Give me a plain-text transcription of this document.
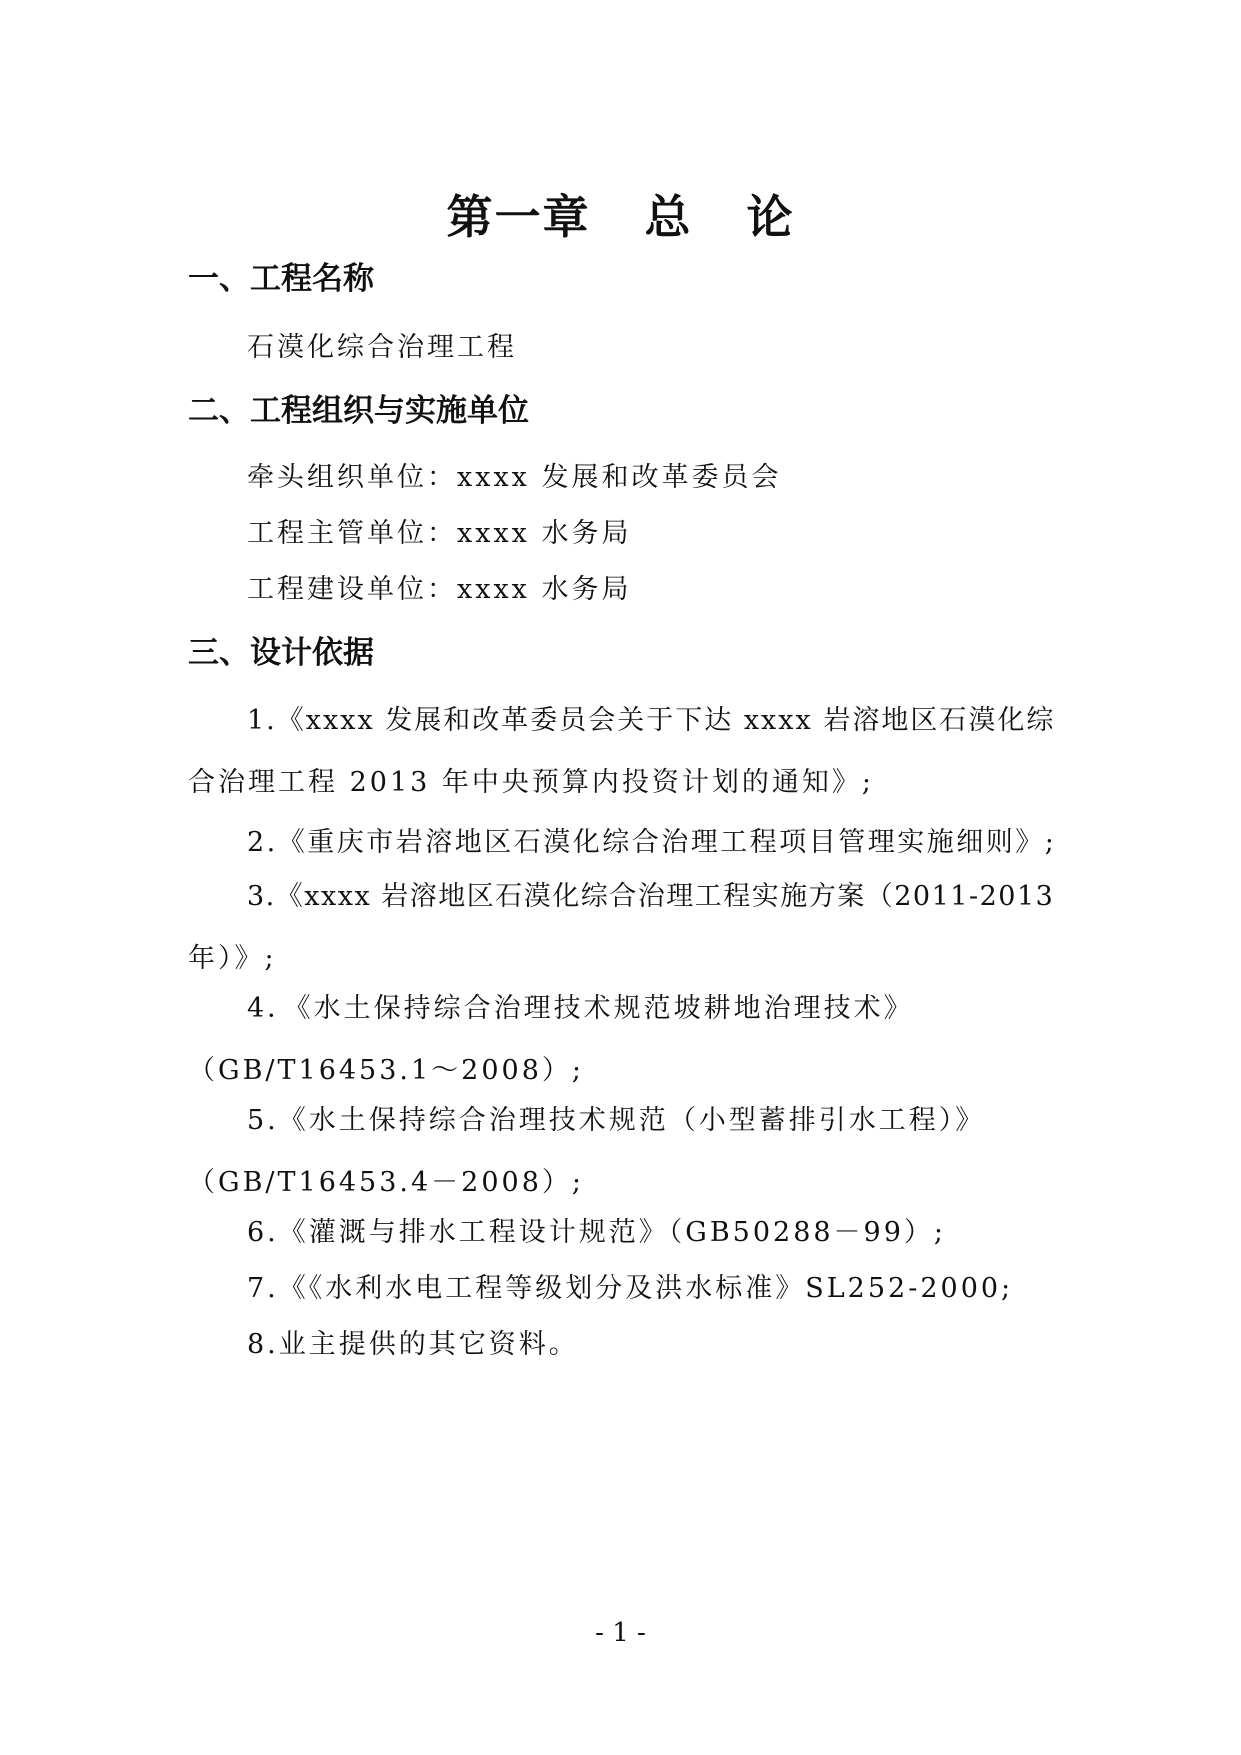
第一章   总   论
一、工程名称
石漠化综合治理工程
二、工程组织与实施单位
牵头组织单位：xxxx 发展和改革委员会
工程主管单位：xxxx 水务局
工程建设单位：xxxx 水务局
三、设计依据
1.《xxxx 发展和改革委员会关于下达 xxxx 岩溶地区石漠化综
合治理工程 2013 年中央预算内投资计划的通知》;
2.《重庆市岩溶地区石漠化综合治理工程项目管理实施细则》;
3.《xxxx 岩溶地区石漠化综合治理工程实施方案（2011-2013
年）》;
4．《水土保持综合治理技术规范坡耕地治理技术》
（GB/T16453.1～2008）;
5.《水土保持综合治理技术规范（小型蓄排引水工程）》
（GB/T16453.4－2008）;
6.《灌溉与排水工程设计规范》（GB50288－99）;
7.《《水利水电工程等级划分及洪水标准》SL252-2000;
8.业主提供的其它资料。
- 1 -
